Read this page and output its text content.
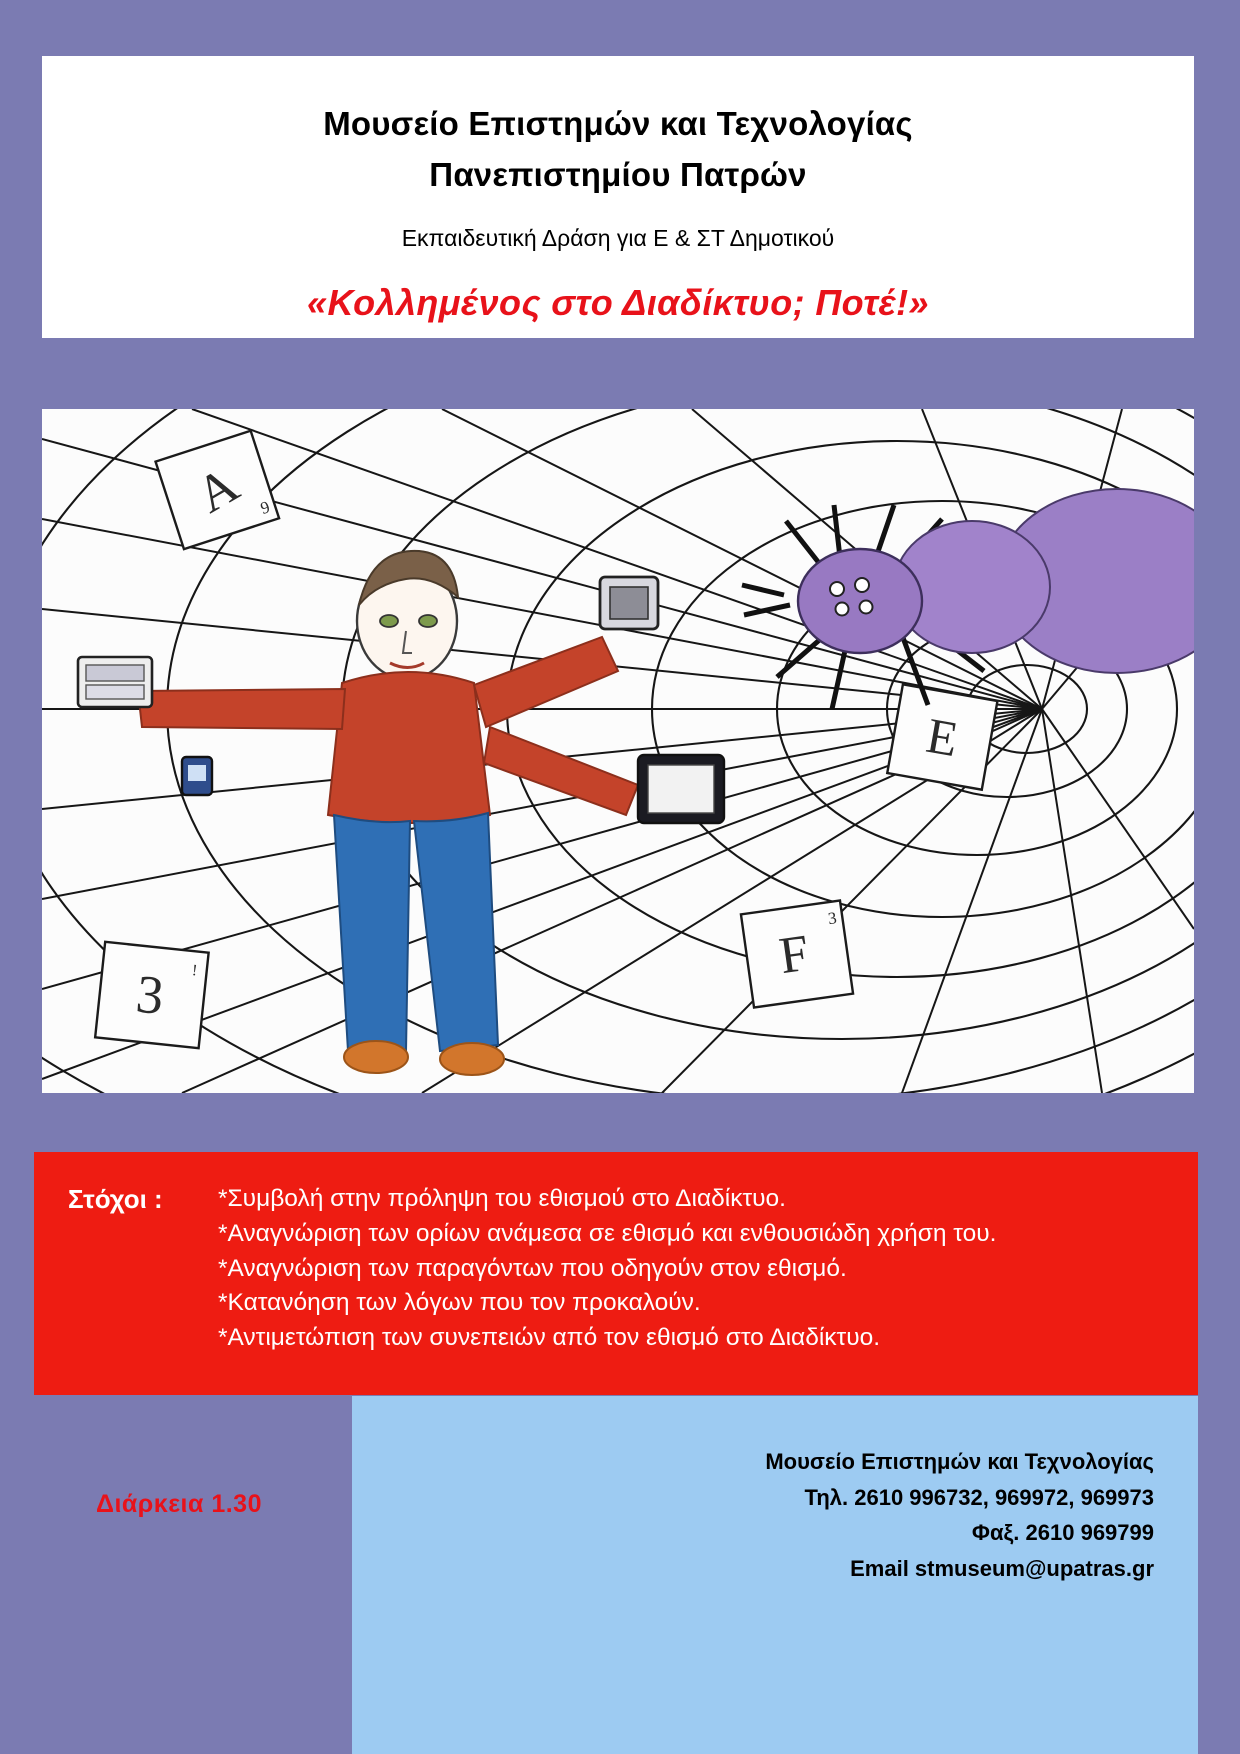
Μουσείο Επιστημών και Τεχνολογίας
Πανεπιστημίου Πατρών
Εκπαιδευτική Δράση για Ε & ΣΤ Δημοτικού
«Κολλημένος στο Διαδίκτυο; Ποτέ!»
A 9
E
F
3
3 !
Στόχοι :	*Συμβολή στην πρόληψη του εθισμού στο Διαδίκτυο.
*Αναγνώριση των ορίων ανάμεσα σε εθισμό και ενθουσιώδη χρήση του.
*Αναγνώριση των παραγόντων που οδηγούν στον εθισμό.
*Κατανόηση των λόγων που τον προκαλούν.
*Αντιμετώπιση των συνεπειών από τον εθισμό στο Διαδίκτυο.
Μουσείο Επιστημών και Τεχνολογίας
Τηλ. 2610 996732, 969972, 969973
Φαξ. 2610 969799
Email stmuseum@upatras.gr
Διάρκεια 1.30
